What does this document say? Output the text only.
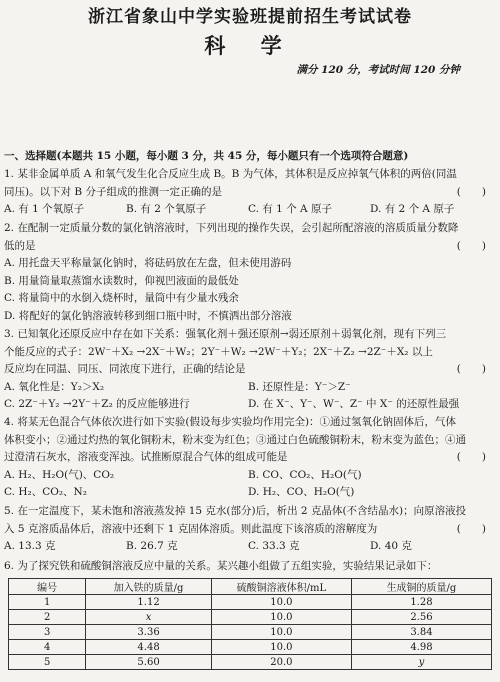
浙江省象山中学实验班提前招生考试试卷
科 学
满分 120 分，考试时间 120 分钟
一、选择题(本题共 15 小题，每小题 3 分，共 45 分，每小题只有一个选项符合题意)

1. 某非金属单质 A 和氧气发生化合反应生成 B。B 为气体，其体积是反应掉氧气体积的两倍(同温

同压)。以下对 B 分子组成的推测一定正确的是	(　　)

A. 有 1 个氧原子	B. 有 2 个氧原子	C. 有 1 个 A 原子	D. 有 2 个 A 原子

2. 在配制一定质量分数的氯化钠溶液时，下列出现的操作失误，会引起所配溶液的溶质质量分数降

低的是	(　　)

A. 用托盘天平称量氯化钠时，将砝码放在左盘，但未使用游码

B. 用量筒量取蒸馏水读数时，仰视凹液面的最低处

C. 将量筒中的水倒入烧杯时，量筒中有少量水残余

D. 将配好的氯化钠溶液转移到细口瓶中时，不慎洒出部分溶液

3. 已知氧化还原反应中存在如下关系：强氧化剂＋强还原剂→弱还原剂＋弱氧化剂，现有下列三

个能反应的式子：2W⁻＋X₂ →2X⁻＋W₂；2Y⁻＋W₂ →2W⁻＋Y₂；2X⁻＋Z₂ →2Z⁻＋X₂ 以上

反应均在同温、同压、同浓度下进行，正确的结论是	(　　)

A. 氧化性是：Y₂＞X₂	B. 还原性是：Y⁻＞Z⁻
C. 2Z⁻＋Y₂ →2Y⁻＋Z₂ 的反应能够进行	D. 在 X⁻、Y⁻、W⁻、Z⁻ 中 X⁻ 的还原性最强

4. 将某无色混合气体依次进行如下实验(假设每步实验均作用完全)：①通过氢氧化钠固体后，气体

体积变小；②通过灼热的氧化铜粉末，粉末变为红色；③通过白色硫酸铜粉末，粉末变为蓝色；④通

过澄清石灰水，溶液变浑浊。试推断原混合气体的组成可能是	(　　)

A. H₂、H₂O(气)、CO₂	B. CO、CO₂、H₂O(气)
C. H₂、CO₂、N₂	D. H₂、CO、H₂O(气)

5. 在一定温度下，某未饱和溶液蒸发掉 15 克水(部分)后，析出 2 克晶体(不含结晶水)；向原溶液投

入 5 克溶质晶体后，溶液中还剩下 1 克固体溶质。则此温度下该溶质的溶解度为	(　　)

A. 13.3 克	B. 26.7 克	C. 33.3 克	D. 40 克

6. 为了探究铁和硫酸铜溶液反应中量的关系。某兴趣小组做了五组实验，实验结果记录如下：

编号	加入铁的质量/g	硫酸铜溶液体积/mL	生成铜的质量/g
1	1.12	10.0	1.28
2	x	10.0	2.56
3	3.36	10.0	3.84
4	4.48	10.0	4.98
5	5.60	20.0	y
